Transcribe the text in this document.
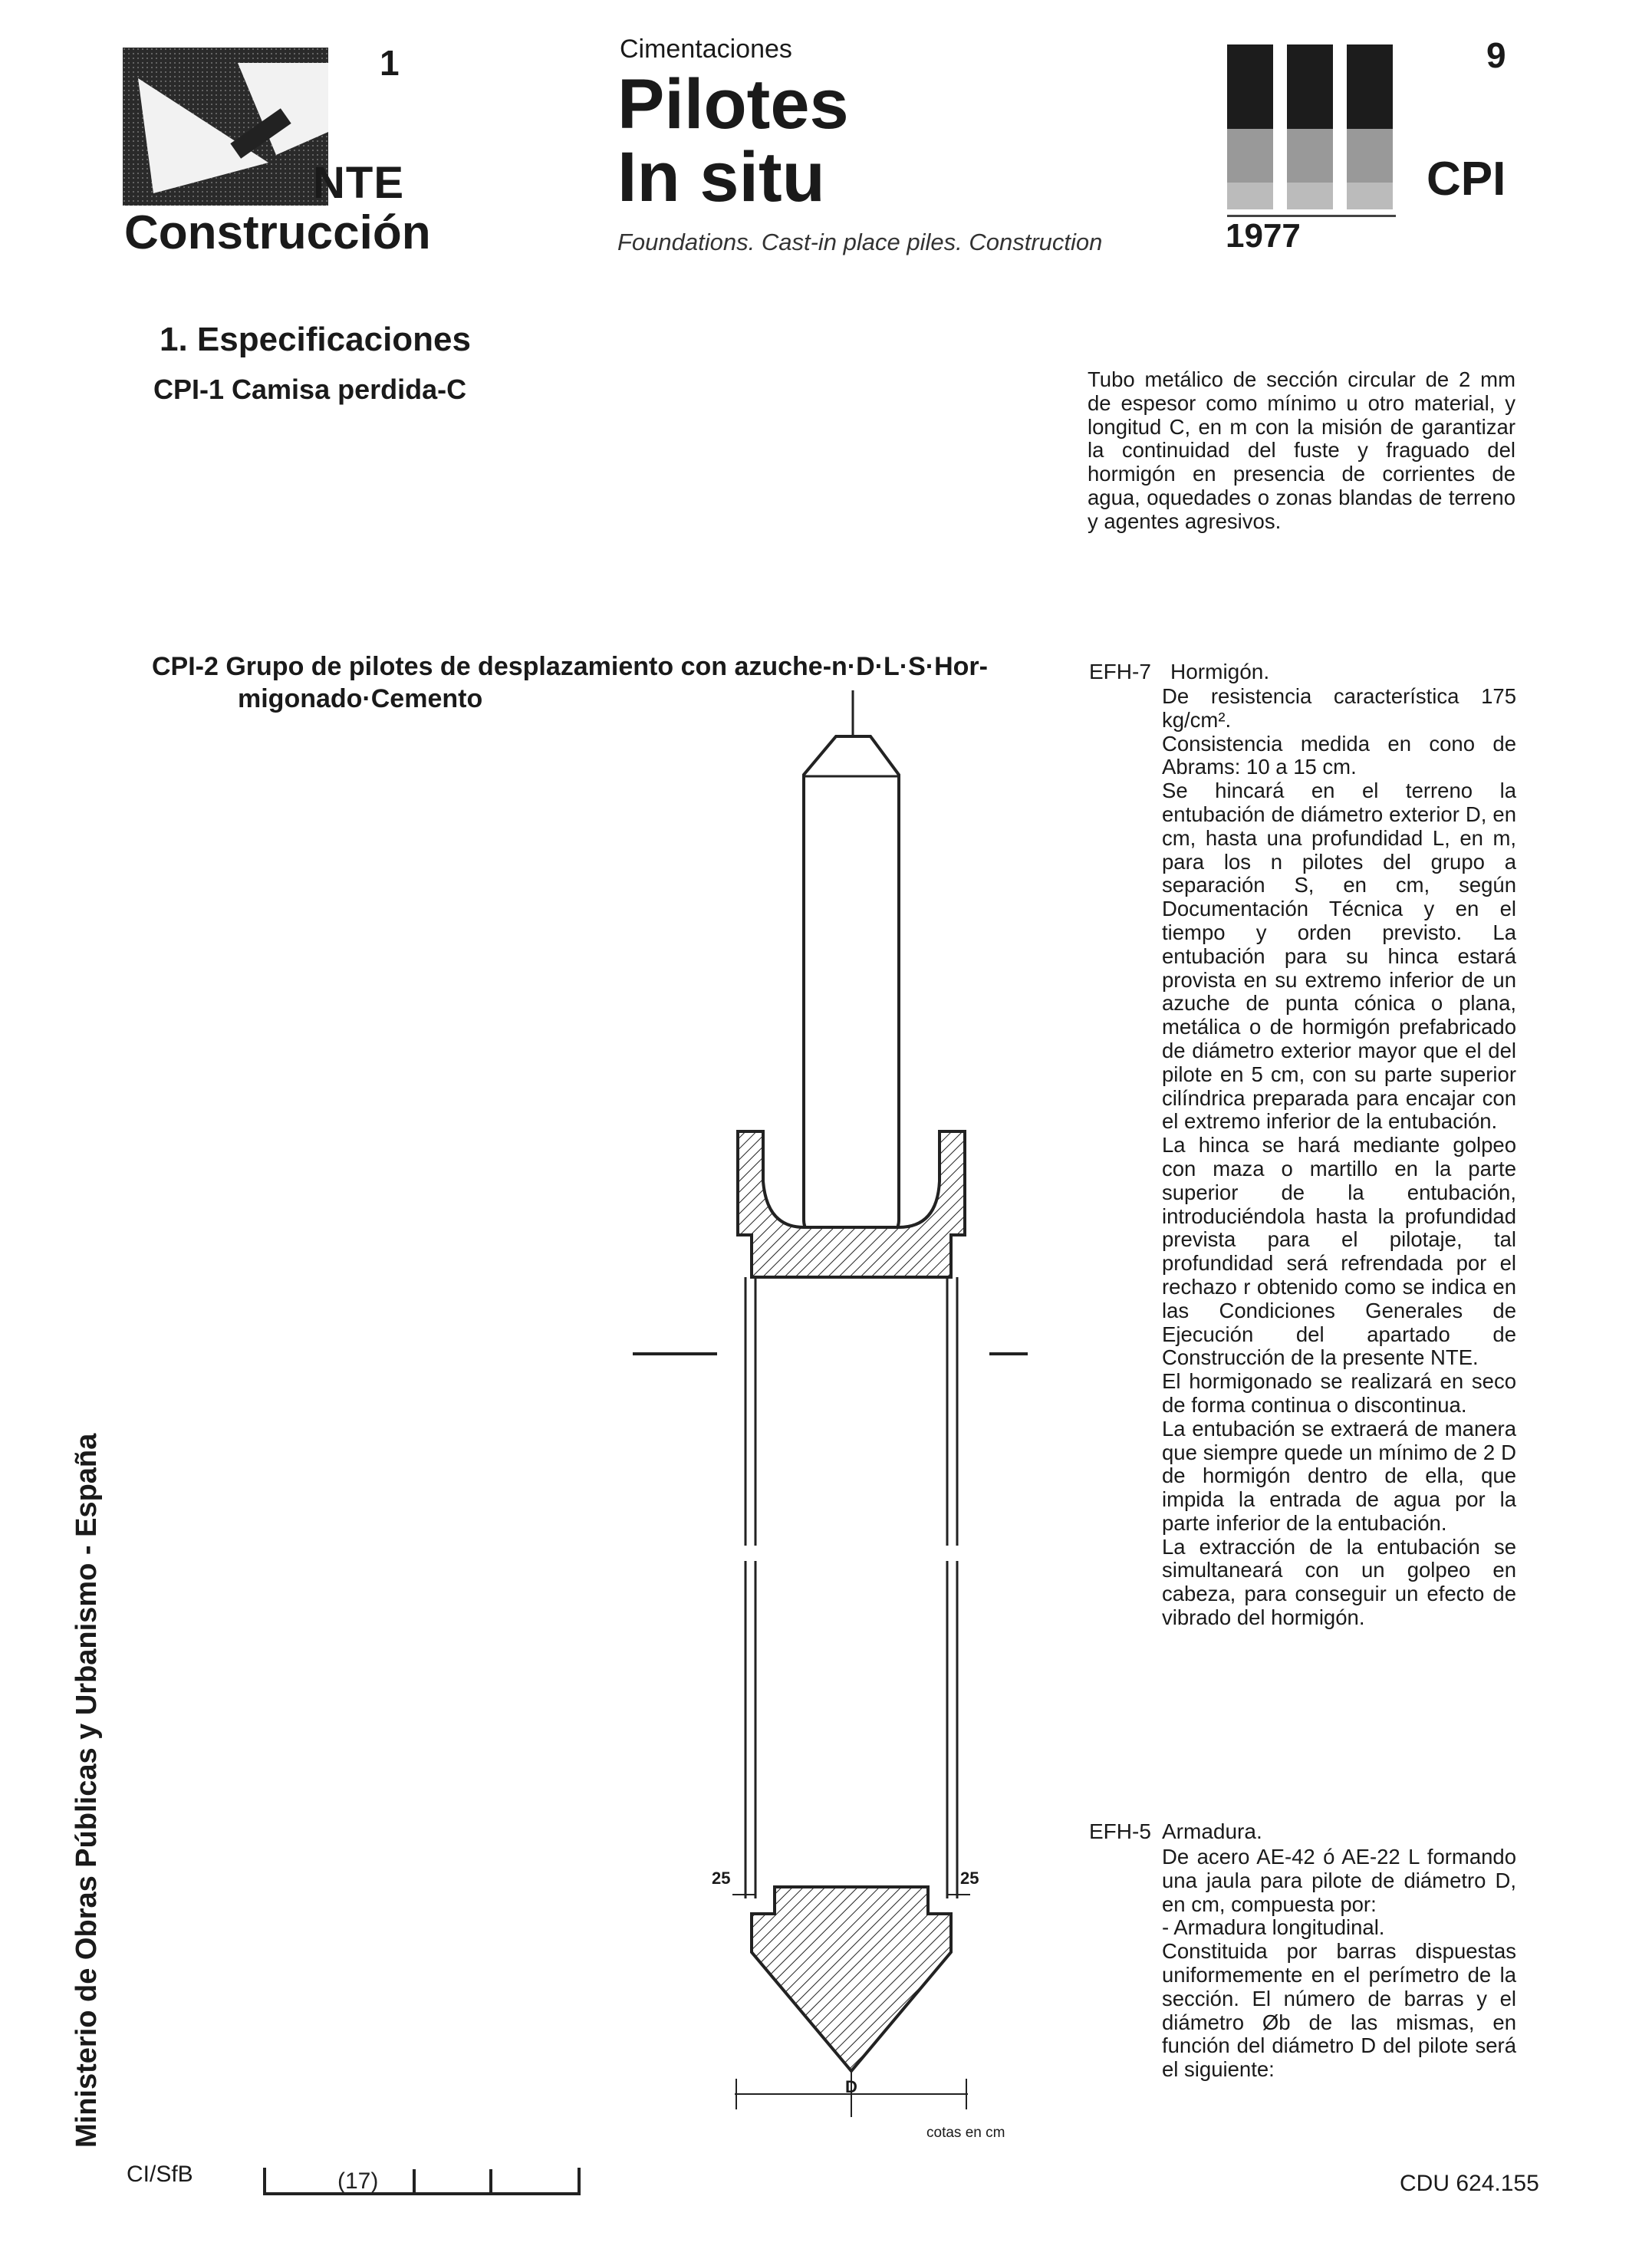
1
NTE
Construcción
Cimentaciones
Pilotes
In situ
Foundations. Cast-in place piles. Construction
9
CPI
1977
1. Especificaciones
CPI-1 Camisa perdida-C	Tubo metálico de sección circular de 2 mm de espesor como mínimo u otro material, y longitud C, en m con la misión de garantizar la continuidad del fuste y fraguado del hormigón en presencia de corrientes de agua, oquedades o zonas blandas de terreno y agentes agresivos.
CPI-2 Grupo de pilotes de desplazamiento con azuche-n·D·L·S·Hor-
migonado·Cemento
EFH-7 Hormigón.
De resistencia característica 175 kg/cm².
Consistencia medida en cono de Abrams: 10 a 15 cm.
Se hincará en el terreno la entubación de diámetro exterior D, en cm, hasta una profundidad L, en m, para los n pilotes del grupo a separación S, en cm, según Documentación Técnica y en el tiempo y orden previsto. La entubación para su hinca estará provista en su extremo inferior de un azuche de punta cónica o plana, metálica o de hormigón prefabricado de diámetro exterior mayor que el del pilote en 5 cm, con su parte superior cilíndrica preparada para encajar con el extremo inferior de la entubación.
La hinca se hará mediante golpeo con maza o martillo en la parte superior de la entubación, introduciéndola hasta la profundidad prevista para el pilotaje, tal profundidad será refrendada por el rechazo r obtenido como se indica en las Condiciones Generales de Ejecución del apartado de Construcción de la presente NTE.
El hormigonado se realizará en seco de forma continua o discontinua.
La entubación se extraerá de manera que siempre quede un mínimo de 2 D de hormigón dentro de ella, que impida la entrada de agua por la parte inferior de la entubación.
La extracción de la entubación se simultaneará con un golpeo en cabeza, para conseguir un efecto de vibrado del hormigón.
EFH-5 Armadura.
De acero AE-42 ó AE-22 L formando una jaula para pilote de diámetro D, en cm, compuesta por:
- Armadura longitudinal.
Constituida por barras dispuestas uniformemente en el perímetro de la sección. El número de barras y el diámetro Øb de las mismas, en función del diámetro D del pilote será el siguiente:
25	25
D
cotas en cm
Ministerio de Obras Públicas y Urbanismo - España
CI/SfB	(17)	CDU 624.155
